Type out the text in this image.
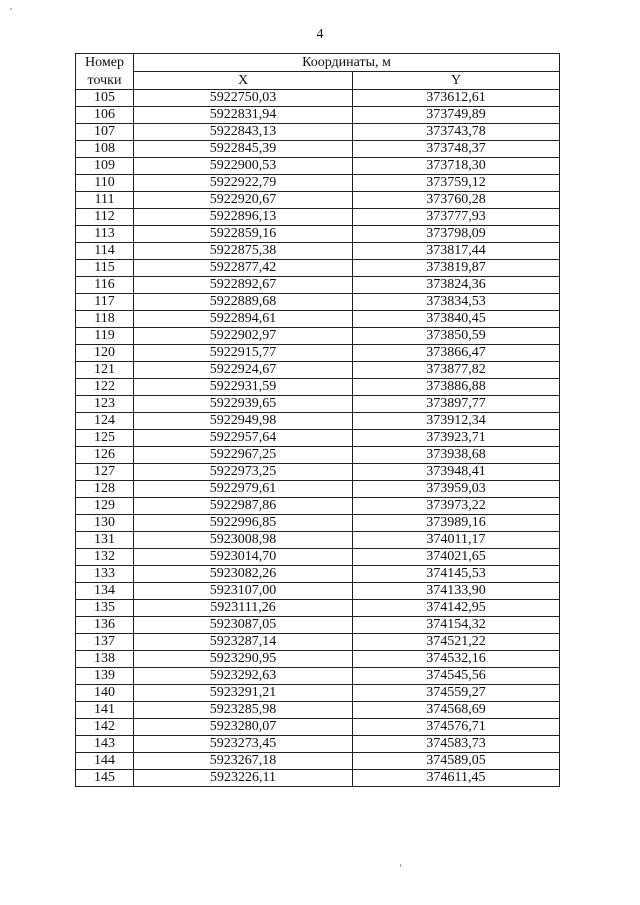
4
Номер	Координаты, м	
точки	X	Y
105	5922750,03	373612,61
106	5922831,94	373749,89
107	5922843,13	373743,78
108	5922845,39	373748,37
109	5922900,53	373718,30
110	5922922,79	373759,12
111	5922920,67	373760,28
112	5922896,13	373777,93
113	5922859,16	373798,09
114	5922875,38	373817,44
115	5922877,42	373819,87
116	5922892,67	373824,36
117	5922889,68	373834,53
118	5922894,61	373840,45
119	5922902,97	373850,59
120	5922915,77	373866,47
121	5922924,67	373877,82
122	5922931,59	373886,88
123	5922939,65	373897,77
124	5922949,98	373912,34
125	5922957,64	373923,71
126	5922967,25	373938,68
127	5922973,25	373948,41
128	5922979,61	373959,03
129	5922987,86	373973,22
130	5922996,85	373989,16
131	5923008,98	374011,17
132	5923014,70	374021,65
133	5923082,26	374145,53
134	5923107,00	374133,90
135	5923111,26	374142,95
136	5923087,05	374154,32
137	5923287,14	374521,22
138	5923290,95	374532,16
139	5923292,63	374545,56
140	5923291,21	374559,27
141	5923285,98	374568,69
142	5923280,07	374576,71
143	5923273,45	374583,73
144	5923267,18	374589,05
145	5923226,11	374611,45
